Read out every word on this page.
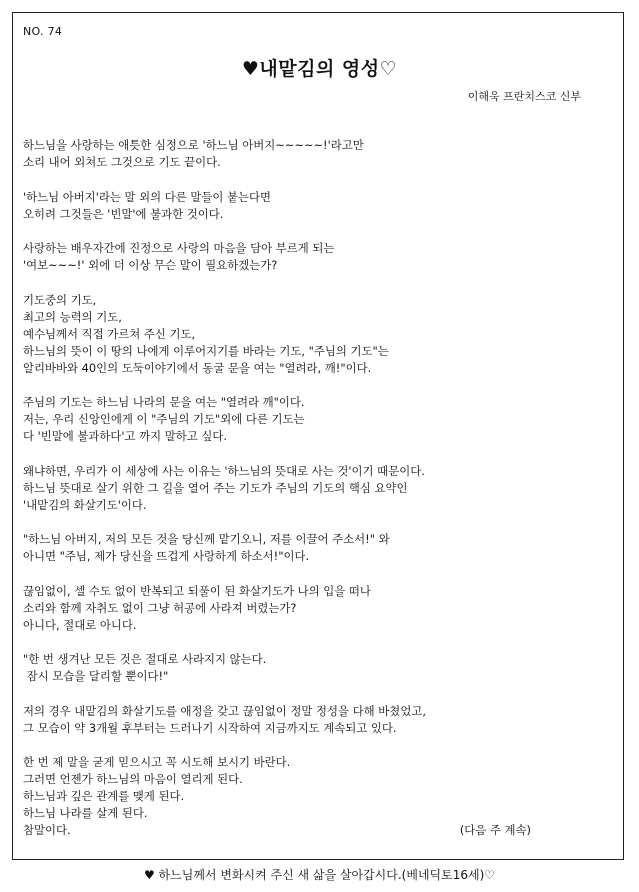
NO. 74
♥내맡김의 영성♡
이해욱 프란치스코 신부
하느님을 사랑하는 애틋한 심정으로 '하느님 아버지~~~~~!'라고만
소리 내어 외쳐도 그것으로 기도 끝이다.
'하느님 아버지'라는 말 외의 다른 말들이 붙는다면
오히려 그것들은 '빈말'에 불과한 것이다.
사랑하는 배우자간에 진정으로 사랑의 마음을 담아 부르게 되는
'여보~~~!' 외에 더 이상 무슨 말이 필요하겠는가?
기도중의 기도,
최고의 능력의 기도,
예수님께서 직접 가르쳐 주신 기도,
하느님의 뜻이 이 땅의 나에게 이루어지기를 바라는 기도, "주님의 기도"는
알리바바와 40인의 도둑이야기에서 동굴 문을 여는 "열려라, 깨!"이다.
주님의 기도는 하느님 나라의 문을 여는 "열려라 깨"이다.
저는, 우리 신앙인에게 이 "주님의 기도"외에 다른 기도는
다 '빈말에 불과하다'고 까지 말하고 싶다.
왜냐하면, 우리가 이 세상에 사는 이유는 '하느님의 뜻대로 사는 것'이기 때문이다.
하느님 뜻대로 살기 위한 그 길을 열어 주는 기도가 주님의 기도의 핵심 요약인
'내맡김의 화살기도'이다.
"하느님 아버지, 저의 모든 것을 당신께 맡기오니, 저를 이끌어 주소서!" 와
아니면 "주님, 제가 당신을 뜨겁게 사랑하게 하소서!"이다.
끊임없이, 셀 수도 없이 반복되고 되풀이 된 화살기도가 나의 입을 떠나
소리와 함께 자취도 없이 그냥 허공에 사라져 버렸는가?
아니다, 절대로 아니다.
"한 번 생겨난 모든 것은 절대로 사라지지 않는다.
잠시 모습을 달리할 뿐이다!"
저의 경우 내맡김의 화살기도를 애정을 갖고 끊임없이 정말 정성을 다해 바쳤었고,
그 모습이 약 3개월 후부터는 드러나기 시작하여 지금까지도 계속되고 있다.
한 번 제 말을 굳게 믿으시고 꼭 시도해 보시기 바란다.
그러면 언젠가 하느님의 마음이 열리게 된다.
하느님과 깊은 관계를 맺게 된다.
하느님 나라를 살게 된다.
참말이다.	(다음 주 계속)
♥ 하느님께서 변화시켜 주신 새 삶을 살아갑시다.(베네딕토16세)♡
